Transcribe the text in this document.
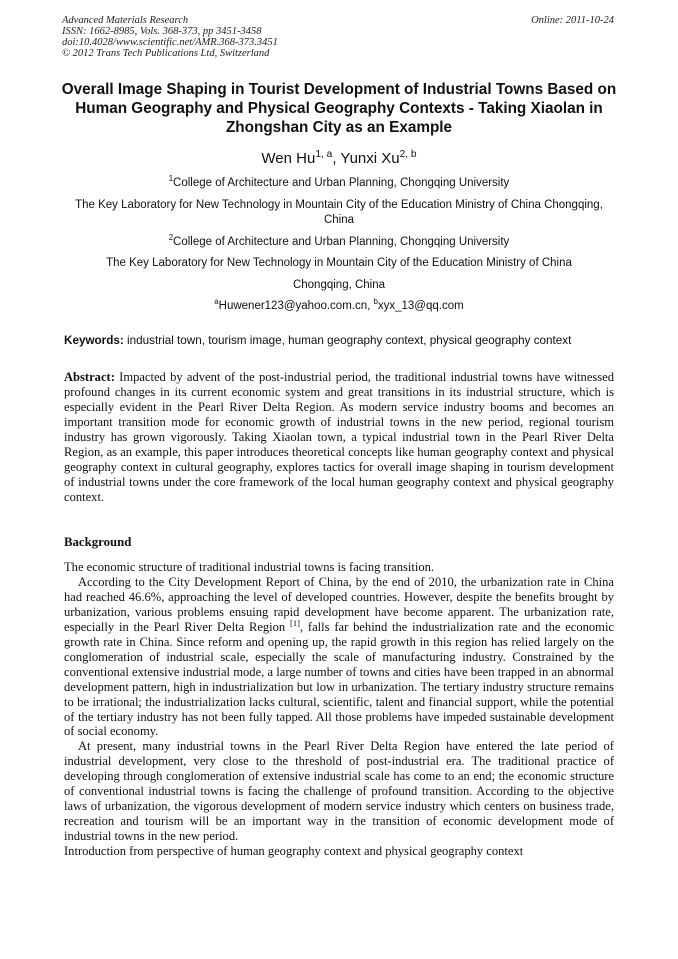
Advanced Materials Research
ISSN: 1662-8985, Vols. 368-373, pp 3451-3458
doi:10.4028/www.scientific.net/AMR.368-373.3451
© 2012 Trans Tech Publications Ltd, Switzerland
Online: 2011-10-24
Overall Image Shaping in Tourist Development of Industrial Towns Based on Human Geography and Physical Geography Contexts - Taking Xiaolan in Zhongshan City as an Example
Wen Hu$^{1, a}$, Yunxi Xu$^{2, b}$

$^1$College of Architecture and Urban Planning, Chongqing University

The Key Laboratory for New Technology in Mountain City of the Education Ministry of China Chongqing, China

$^2$College of Architecture and Urban Planning, Chongqing University

The Key Laboratory for New Technology in Mountain City of the Education Ministry of China

Chongqing, China

$^a$Huwener123@yahoo.com.cn, $^b$xyx_13@qq.com

Keywords: industrial town, tourism image, human geography context, physical geography context
Abstract: Impacted by advent of the post-industrial period, the traditional industrial towns have witnessed profound changes in its current economic system and great transitions in its industrial structure, which is especially evident in the Pearl River Delta Region. As modern service industry booms and becomes an important transition mode for economic growth of industrial towns in the new period, regional tourism industry has grown vigorously. Taking Xiaolan town, a typical industrial town in the Pearl River Delta Region, as an example, this paper introduces theoretical concepts like human geography context and physical geography context in cultural geography, explores tactics for overall image shaping in tourism development of industrial towns under the core framework of the local human geography context and physical geography context.
Background

The economic structure of traditional industrial towns is facing transition.

According to the City Development Report of China, by the end of 2010, the urbanization rate in China had reached 46.6%, approaching the level of developed countries. However, despite the benefits brought by urbanization, various problems ensuing rapid development have become apparent. The urbanization rate, especially in the Pearl River Delta Region [1], falls far behind the industrialization rate and the economic growth rate in China. Since reform and opening up, the rapid growth in this region has relied largely on the conglomeration of industrial scale, especially the scale of manufacturing industry. Constrained by the conventional extensive industrial mode, a large number of towns and cities have been trapped in an abnormal development pattern, high in industrialization but low in urbanization. The tertiary industry structure remains to be irrational; the industrialization lacks cultural, scientific, talent and financial support, while the potential of the tertiary industry has not been fully tapped. All those problems have impeded sustainable development of social economy.

At present, many industrial towns in the Pearl River Delta Region have entered the late period of industrial development, very close to the threshold of post-industrial era. The traditional practice of developing through conglomeration of extensive industrial scale has come to an end; the economic structure of conventional industrial towns is facing the challenge of profound transition. According to the objective laws of urbanization, the vigorous development of modern service industry which centers on business trade, recreation and tourism will be an important way in the transition of economic development mode of industrial towns in the new period.

Introduction from perspective of human geography context and physical geography context
